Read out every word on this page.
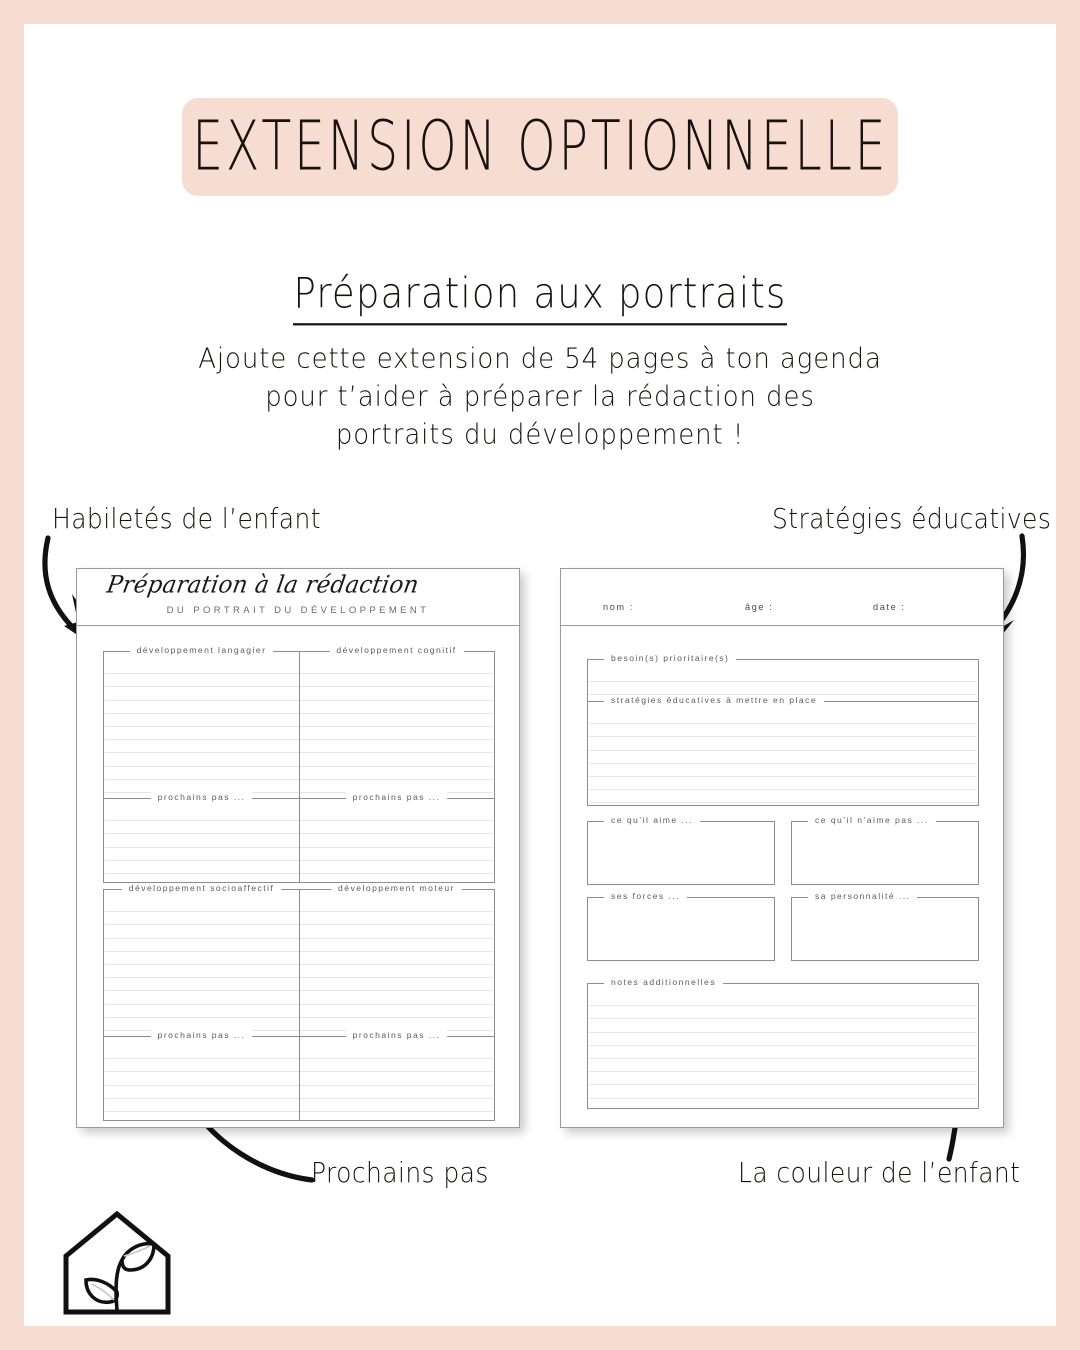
EXTENSION OPTIONNELLE
Préparation aux portraits
Ajoute cette extension de 54 pages à ton agenda
pour t’aider à préparer la rédaction des
portraits du développement !
Habiletés de l’enfant	Stratégies éducatives
Prochains pas	La couleur de l’enfant
Préparation à la rédaction
DU PORTRAIT DU DÉVELOPPEMENT
développement langagier	développement cognitif
prochains pas ...	prochains pas ...
développement socioaffectif	développement moteur
prochains pas ...	prochains pas ...
nom :	âge :	date :
besoin(s) prioritaire(s)
stratégies éducatives à mettre en place
ce qu’il aime ...	ce qu’il n’aime pas ...
ses forces ...	sa personnalité ...
notes additionnelles
